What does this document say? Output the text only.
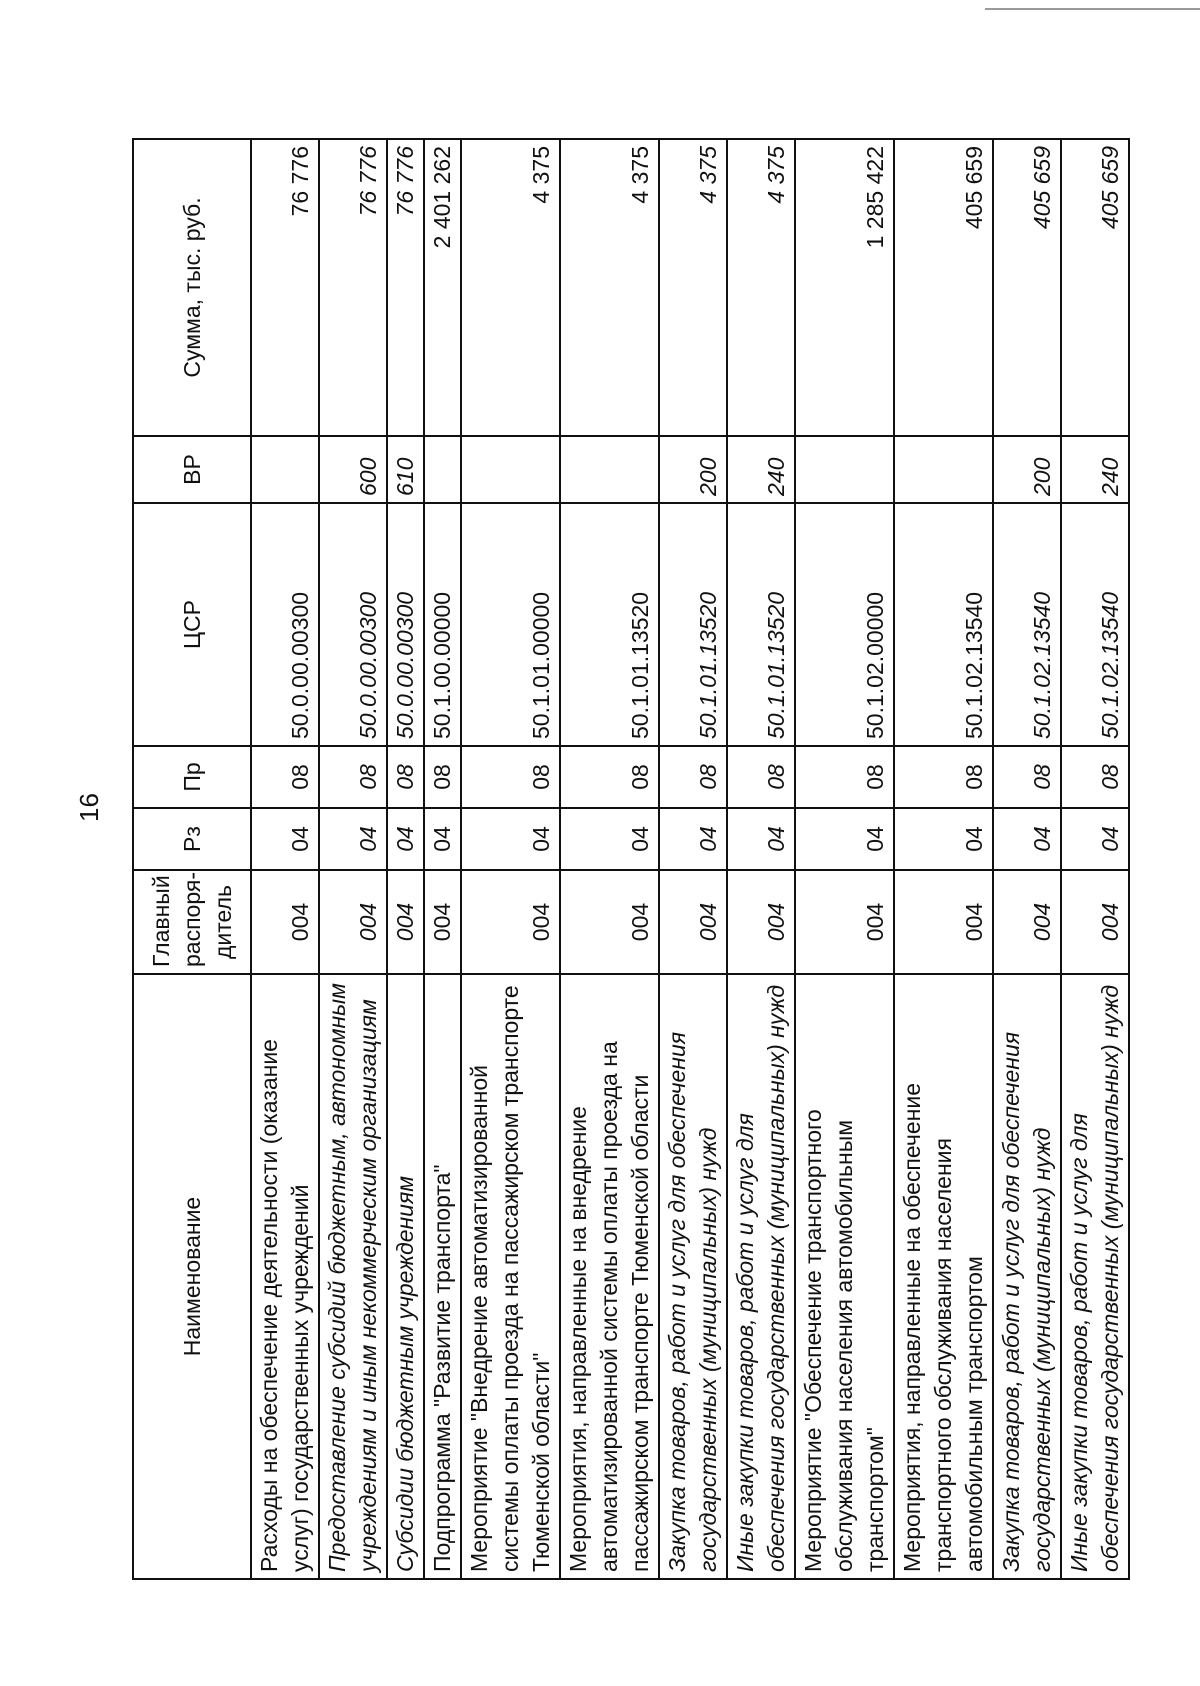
16
Наименование	Главный распоря-дитель	Рз	Пр	ЦСР	ВР	Сумма, тыс. руб.
Расходы на обеспечение деятельности (оказание услуг) государственных учреждений	004	04	08	50.0.00.00300		76 776
Предоставление субсидий бюджетным, автономным учреждениям и иным некоммерческим организациям	004	04	08	50.0.00.00300	600	76 776
Субсидии бюджетным учреждениям	004	04	08	50.0.00.00300	610	76 776
Подпрограмма "Развитие транспорта"	004	04	08	50.1.00.00000		2 401 262
Мероприятие "Внедрение автоматизированной системы оплаты проезда на пассажирском транспорте Тюменской области"	004	04	08	50.1.01.00000		4 375
Мероприятия, направленные на внедрение автоматизированной системы оплаты проезда на пассажирском транспорте Тюменской области	004	04	08	50.1.01.13520		4 375
Закупка товаров, работ и услуг для обеспечения государственных (муниципальных) нужд	004	04	08	50.1.01.13520	200	4 375
Иные закупки товаров, работ и услуг для обеспечения государственных (муниципальных) нужд	004	04	08	50.1.01.13520	240	4 375
Мероприятие "Обеспечение транспортного обслуживания населения автомобильным транспортом"	004	04	08	50.1.02.00000		1 285 422
Мероприятия, направленные на обеспечение транспортного обслуживания населения автомобильным транспортом	004	04	08	50.1.02.13540		405 659
Закупка товаров, работ и услуг для обеспечения государственных (муниципальных) нужд	004	04	08	50.1.02.13540	200	405 659
Иные закупки товаров, работ и услуг для обеспечения государственных (муниципальных) нужд	004	04	08	50.1.02.13540	240	405 659
